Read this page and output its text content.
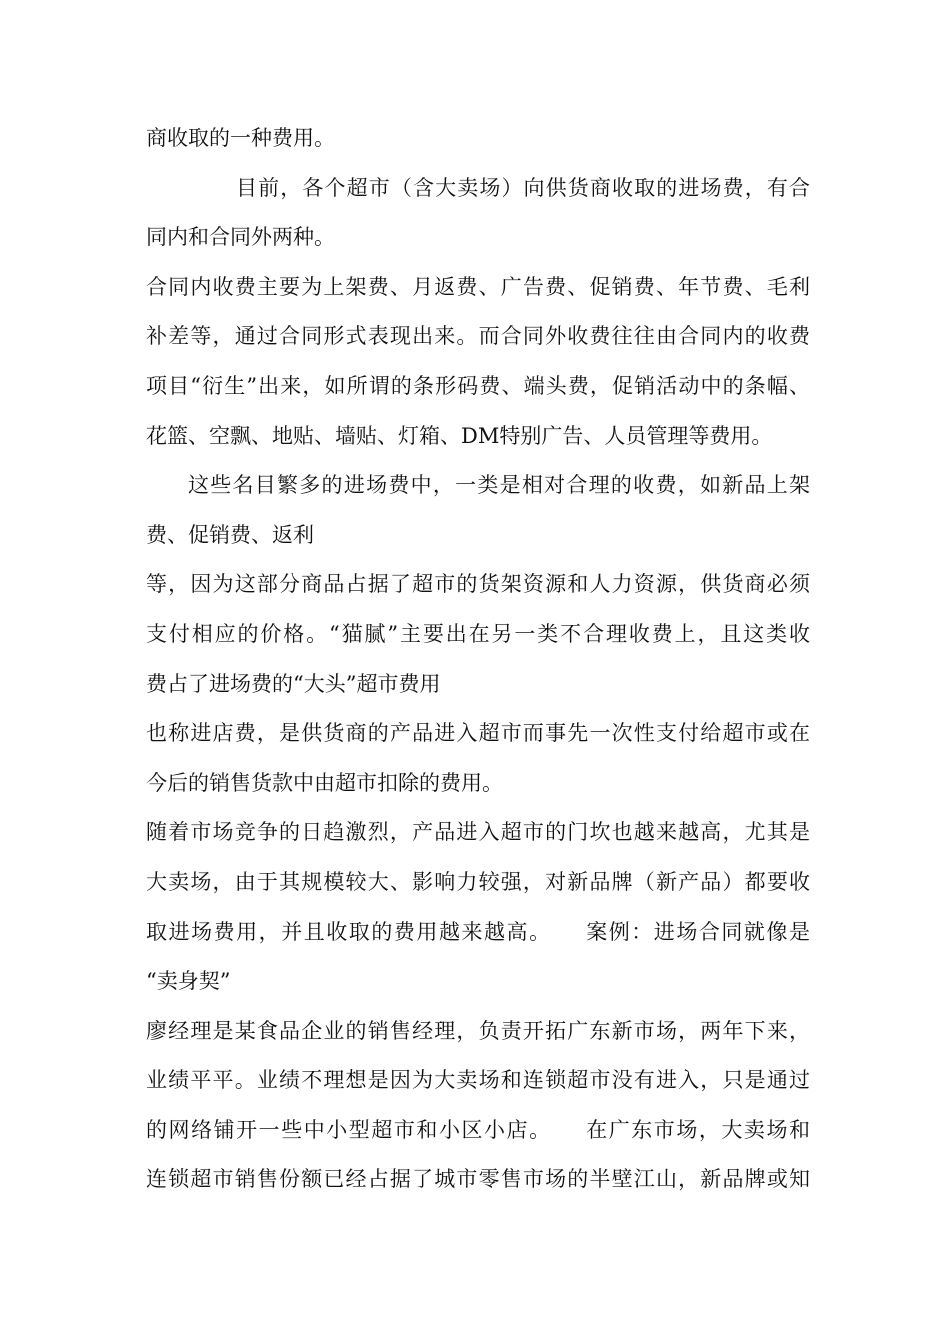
商收取的一种费用。
目前，各个超市（含大卖场）向供货商收取的进场费，有合
同内和合同外两种。
合同内收费主要为上架费、月返费、广告费、促销费、年节费、毛利
补差等，通过合同形式表现出来。而合同外收费往往由合同内的收费
项目“衍生”出来，如所谓的条形码费、端头费，促销活动中的条幅、
花篮、空飘、地贴、墙贴、灯箱、DM特别广告、人员管理等费用。
这些名目繁多的进场费中，一类是相对合理的收费，如新品上架
费、促销费、返利
等，因为这部分商品占据了超市的货架资源和人力资源，供货商必须
支付相应的价格。“猫腻”主要出在另一类不合理收费上，且这类收
费占了进场费的“大头”超市费用
也称进店费，是供货商的产品进入超市而事先一次性支付给超市或在
今后的销售货款中由超市扣除的费用。
随着市场竞争的日趋激烈，产品进入超市的门坎也越来越高，尤其是
大卖场，由于其规模较大、影响力较强，对新品牌（新产品）都要收
取进场费用，并且收取的费用越来越高。　　案例：进场合同就像是
“卖身契”
廖经理是某食品企业的销售经理，负责开拓广东新市场，两年下来，
业绩平平。业绩不理想是因为大卖场和连锁超市没有进入，只是通过
的网络铺开一些中小型超市和小区小店。　　在广东市场，大卖场和
连锁超市销售份额已经占据了城市零售市场的半壁江山，新品牌或知
